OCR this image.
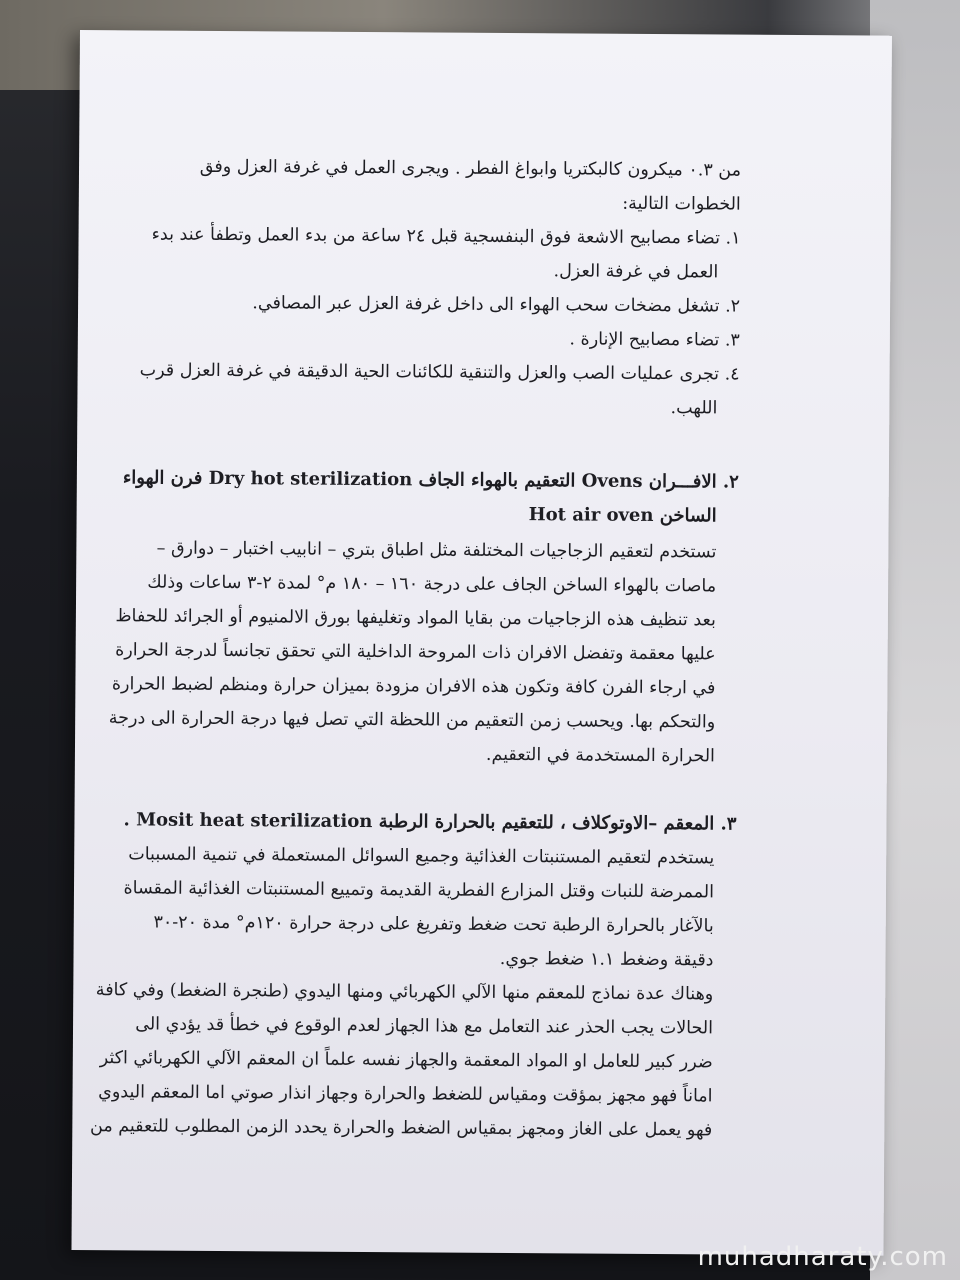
من ٠.٣ ميكرون كالبكتريا وابواغ الفطر . ويجرى العمل في غرفة العزل وفق
الخطوات التالية:
١. تضاء مصابيح الاشعة فوق البنفسجية قبل ٢٤ ساعة من بدء العمل وتطفأ عند بدء
العمل في غرفة العزل.
٢. تشغل مضخات سحب الهواء الى داخل غرفة العزل عبر المصافي.
٣. تضاء مصابيح الإنارة .
٤. تجرى عمليات الصب والعزل والتنقية للكائنات الحية الدقيقة في غرفة العزل قرب
اللهب.
٢. الافـــران Ovens التعقيم بالهواء الجاف Dry hot sterilization فرن الهواء
الساخن Hot air oven
تستخدم لتعقيم الزجاجيات المختلفة مثل اطباق بتري – انابيب اختبار – دوارق –
ماصات بالهواء الساخن الجاف على درجة ١٦٠ – ١٨٠ م° لمدة ٢-٣ ساعات وذلك
بعد تنظيف هذه الزجاجيات من بقايا المواد وتغليفها بورق الالمنيوم أو الجرائد للحفاظ
عليها معقمة وتفضل الافران ذات المروحة الداخلية التي تحقق تجانساً لدرجة الحرارة
في ارجاء الفرن كافة وتكون هذه الافران مزودة بميزان حرارة ومنظم لضبط الحرارة
والتحكم بها. ويحسب زمن التعقيم من اللحظة التي تصل فيها درجة الحرارة الى درجة
الحرارة المستخدمة في التعقيم.
٣. المعقم –الاوتوكلاف ، للتعقيم بالحرارة الرطبة Mosit heat sterilization .
يستخدم لتعقيم المستنبتات الغذائية وجميع السوائل المستعملة في تنمية المسببات
الممرضة للنبات وقتل المزارع الفطرية القديمة وتمييع المستنبتات الغذائية المقساة
بالآغار بالحرارة الرطبة تحت ضغط وتفريغ على درجة حرارة ١٢٠م° مدة ٢٠-٣٠
دقيقة وضغط ١.١ ضغط جوي.
وهناك عدة نماذج للمعقم منها الآلي الكهربائي ومنها اليدوي (طنجرة الضغط) وفي كافة
الحالات يجب الحذر عند التعامل مع هذا الجهاز لعدم الوقوع في خطأ قد يؤدي الى
ضرر كبير للعامل او المواد المعقمة والجهاز نفسه علماً ان المعقم الآلي الكهربائي اكثر
اماناً فهو مجهز بمؤقت ومقياس للضغط والحرارة وجهاز انذار صوتي اما المعقم اليدوي
فهو يعمل على الغاز ومجهز بمقياس الضغط والحرارة يحدد الزمن المطلوب للتعقيم من
muhadharaty.com
